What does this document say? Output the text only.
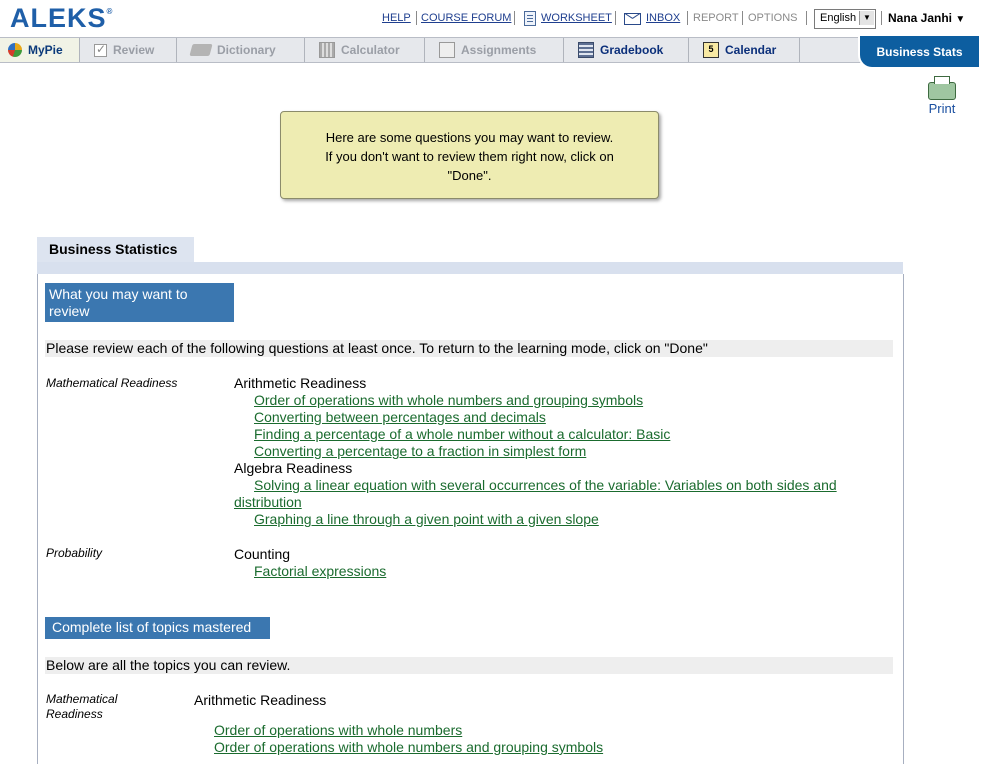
ALEKS®
HELP COURSE FORUM	WORKSHEET	INBOX REPORT OPTIONS English ▼ Nana Janhi ▼
MyPie
✓	Review	Dictionary	Calculator	Assignments	Gradebook	5 Calendar	Business Stats
Print
Here are some questions you may want to review.
If you don't want to review them right now, click on
"Done".
Business Statistics
What you may want to review
Please review each of the following questions at least once. To return to the learning mode, click on "Done"
Mathematical Readiness	Arithmetic Readiness
Order of operations with whole numbers and grouping symbols
Converting between percentages and decimals
Finding a percentage of a whole number without a calculator: Basic
Converting a percentage to a fraction in simplest form
Algebra Readiness
Solving a linear equation with several occurrences of the variable: Variables on both sides and distribution
Graphing a line through a given point with a given slope
Probability	Counting
Factorial expressions
Complete list of topics mastered
Below are all the topics you can review.
Mathematical Readiness
Arithmetic Readiness
Order of operations with whole numbers
Order of operations with whole numbers and grouping symbols
